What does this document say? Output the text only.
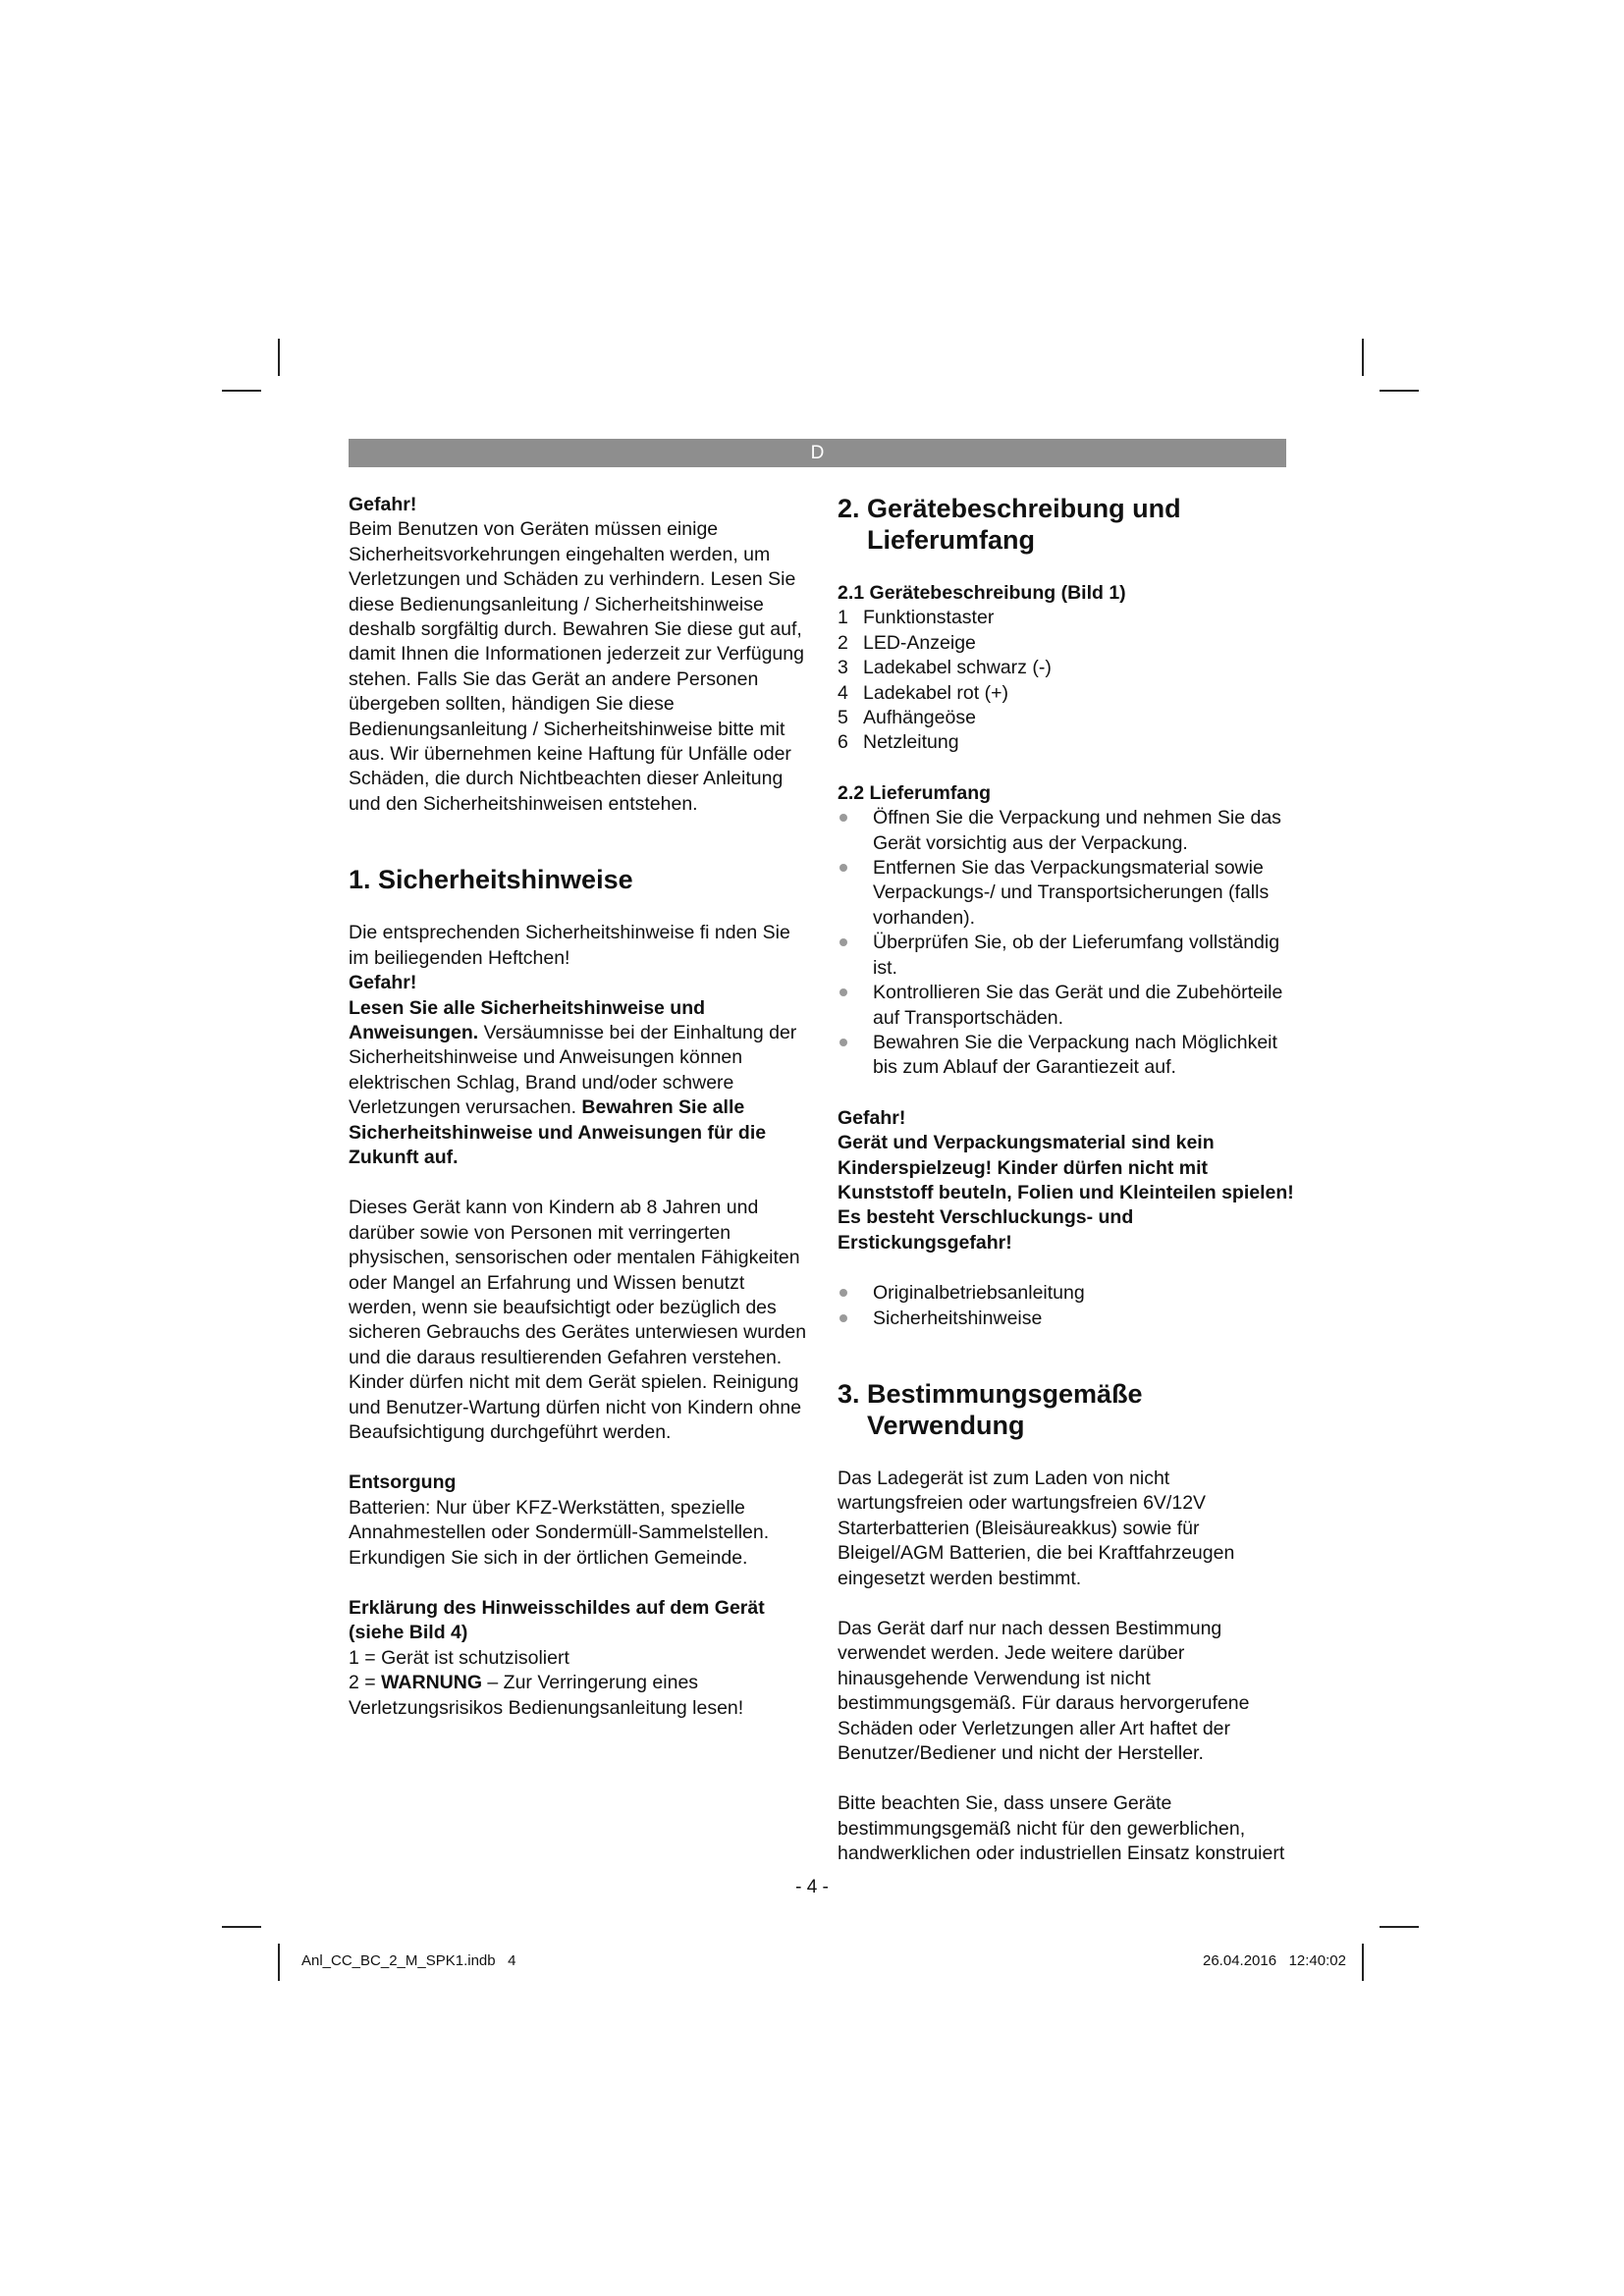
D

Gefahr!

Beim Benutzen von Geräten müssen einige Sicherheitsvorkehrungen eingehalten werden, um Verletzungen und Schäden zu verhindern. Lesen Sie diese Bedienungsanleitung / Sicherheitshinweise deshalb sorgfältig durch. Bewahren Sie diese gut auf, damit Ihnen die Informationen jederzeit zur Verfügung stehen. Falls Sie das Gerät an andere Personen übergeben sollten, händigen Sie diese Bedienungsanleitung / Sicherheitshinweise bitte mit aus. Wir übernehmen keine Haftung für Unfälle oder Schäden, die durch Nichtbeachten dieser Anleitung und den Sicherheitshinweisen entstehen.

1. Sicherheitshinweise

Die entsprechenden Sicherheitshinweise fi nden Sie im beiliegenden Heftchen!

Gefahr!

Lesen Sie alle Sicherheitshinweise und Anweisungen. Versäumnisse bei der Einhaltung der Sicherheitshinweise und Anweisungen können elektrischen Schlag, Brand und/oder schwere Verletzungen verursachen. Bewahren Sie alle Sicherheitshinweise und Anweisungen für die Zukunft auf.

Dieses Gerät kann von Kindern ab 8 Jahren und darüber sowie von Personen mit verringerten physischen, sensorischen oder mentalen Fähigkeiten oder Mangel an Erfahrung und Wissen benutzt werden, wenn sie beaufsichtigt oder bezüglich des sicheren Gebrauchs des Gerätes unterwiesen wurden und die daraus resultierenden Gefahren verstehen. Kinder dürfen nicht mit dem Gerät spielen. Reinigung und Benutzer-Wartung dürfen nicht von Kindern ohne Beaufsichtigung durchgeführt werden.

Entsorgung

Batterien: Nur über KFZ-Werkstätten, spezielle Annahmestellen oder Sondermüll-Sammelstellen. Erkundigen Sie sich in der örtlichen Gemeinde.

Erklärung des Hinweisschildes auf dem Gerät (siehe Bild 4)

1 = Gerät ist schutzisoliert

2 = WARNUNG – Zur Verringerung eines Verletzungsrisikos Bedienungsanleitung lesen!

2. Gerätebeschreibung und Lieferumfang

2.1 Gerätebeschreibung (Bild 1)

1 Funktionstaster
2 LED-Anzeige
3 Ladekabel schwarz (-)
4 Ladekabel rot (+)
5 Aufhängeöse
6 Netzleitung

2.2 Lieferumfang

Öffnen Sie die Verpackung und nehmen Sie das Gerät vorsichtig aus der Verpackung.
Entfernen Sie das Verpackungsmaterial sowie Verpackungs-/ und Transportsicherungen (falls vorhanden).
Überprüfen Sie, ob der Lieferumfang vollständig ist.
Kontrollieren Sie das Gerät und die Zubehörteile auf Transportschäden.
Bewahren Sie die Verpackung nach Möglichkeit bis zum Ablauf der Garantiezeit auf.

Gefahr!

Gerät und Verpackungsmaterial sind kein Kinderspielzeug! Kinder dürfen nicht mit Kunststoff beuteln, Folien und Kleinteilen spielen! Es besteht Verschluckungs- und Erstickungsgefahr!

Originalbetriebsanleitung
Sicherheitshinweise
3. Bestimmungsgemäße Verwendung

Das Ladegerät ist zum Laden von nicht wartungsfreien oder wartungsfreien 6V/12V Starterbatterien (Bleisäureakkus) sowie für Bleigel/AGM Batterien, die bei Kraftfahrzeugen eingesetzt werden bestimmt.

Das Gerät darf nur nach dessen Bestimmung verwendet werden. Jede weitere darüber hinausgehende Verwendung ist nicht bestimmungsgemäß. Für daraus hervorgerufene Schäden oder Verletzungen aller Art haftet der Benutzer/Bediener und nicht der Hersteller.

Bitte beachten Sie, dass unsere Geräte bestimmungsgemäß nicht für den gewerblichen, handwerklichen oder industriellen Einsatz konstruiert

- 4 -
Anl_CC_BC_2_M_SPK1.indb   4	26.04.2016   12:40:02
